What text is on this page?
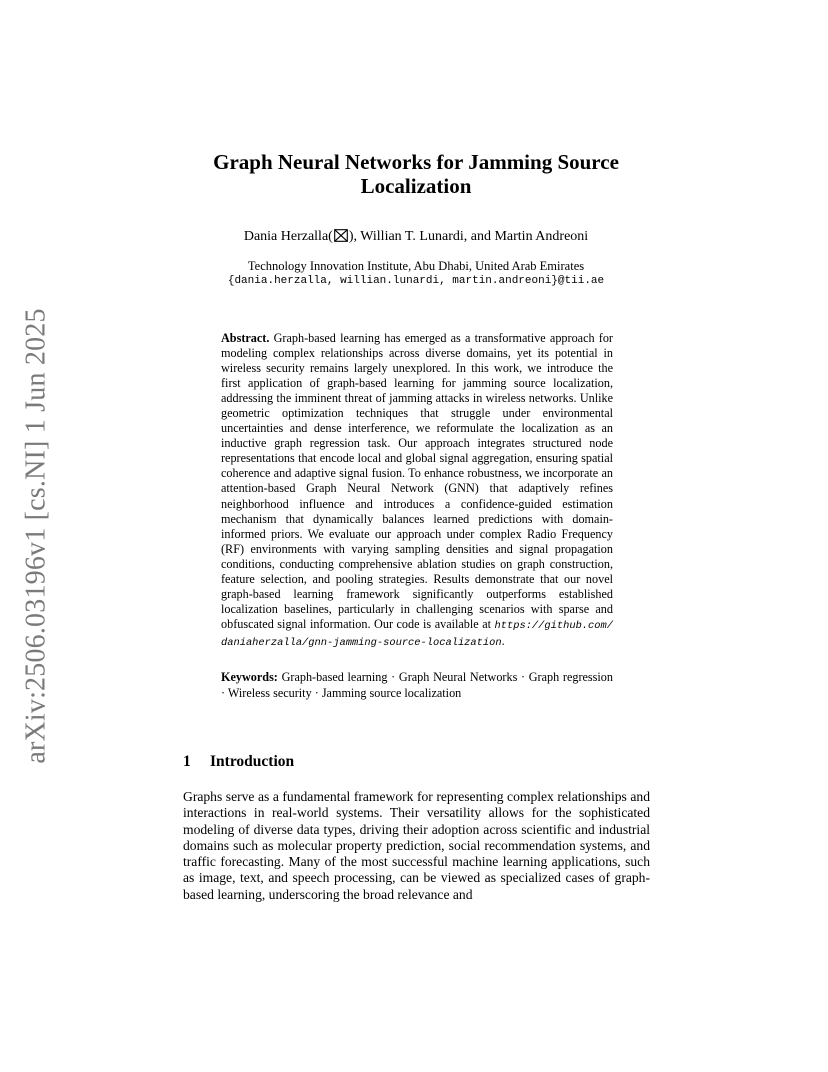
arXiv:2506.03196v1 [cs.NI] 1 Jun 2025
Graph Neural Networks for Jamming Source Localization
Dania Herzalla( ), Willian T. Lunardi, and Martin Andreoni
Technology Innovation Institute, Abu Dhabi, United Arab Emirates
{dania.herzalla, willian.lunardi, martin.andreoni}@tii.ae

Abstract. Graph-based learning has emerged as a transformative approach for modeling complex relationships across diverse domains, yet its potential in wireless security remains largely unexplored. In this work, we introduce the first application of graph-based learning for jamming source localization, addressing the imminent threat of jamming attacks in wireless networks. Unlike geometric optimization techniques that struggle under environmental uncertainties and dense interference, we reformulate the localization as an inductive graph regression task. Our approach integrates structured node representations that encode local and global signal aggregation, ensuring spatial coherence and adaptive signal fusion. To enhance robustness, we incorporate an attention-based Graph Neural Network (GNN) that adaptively refines neighborhood influence and introduces a confidence-guided estimation mechanism that dynamically balances learned predictions with domain-informed priors. We evaluate our approach under complex Radio Frequency (RF) environments with varying sampling densities and signal propagation conditions, conducting comprehensive ablation studies on graph construction, feature selection, and pooling strategies. Results demonstrate that our novel graph-based learning framework significantly outperforms established localization baselines, particularly in challenging scenarios with sparse and obfuscated signal information. Our code is available at https://github.com/daniaherzalla/gnn-jamming-source-localization.

Keywords: Graph-based learning · Graph Neural Networks · Graph regression · Wireless security · Jamming source localization

1 Introduction

Graphs serve as a fundamental framework for representing complex relationships and interactions in real-world systems. Their versatility allows for the sophisticated modeling of diverse data types, driving their adoption across scientific and industrial domains such as molecular property prediction, social recommendation systems, and traffic forecasting. Many of the most successful machine learning applications, such as image, text, and speech processing, can be viewed as specialized cases of graph-based learning, underscoring the broad relevance and
